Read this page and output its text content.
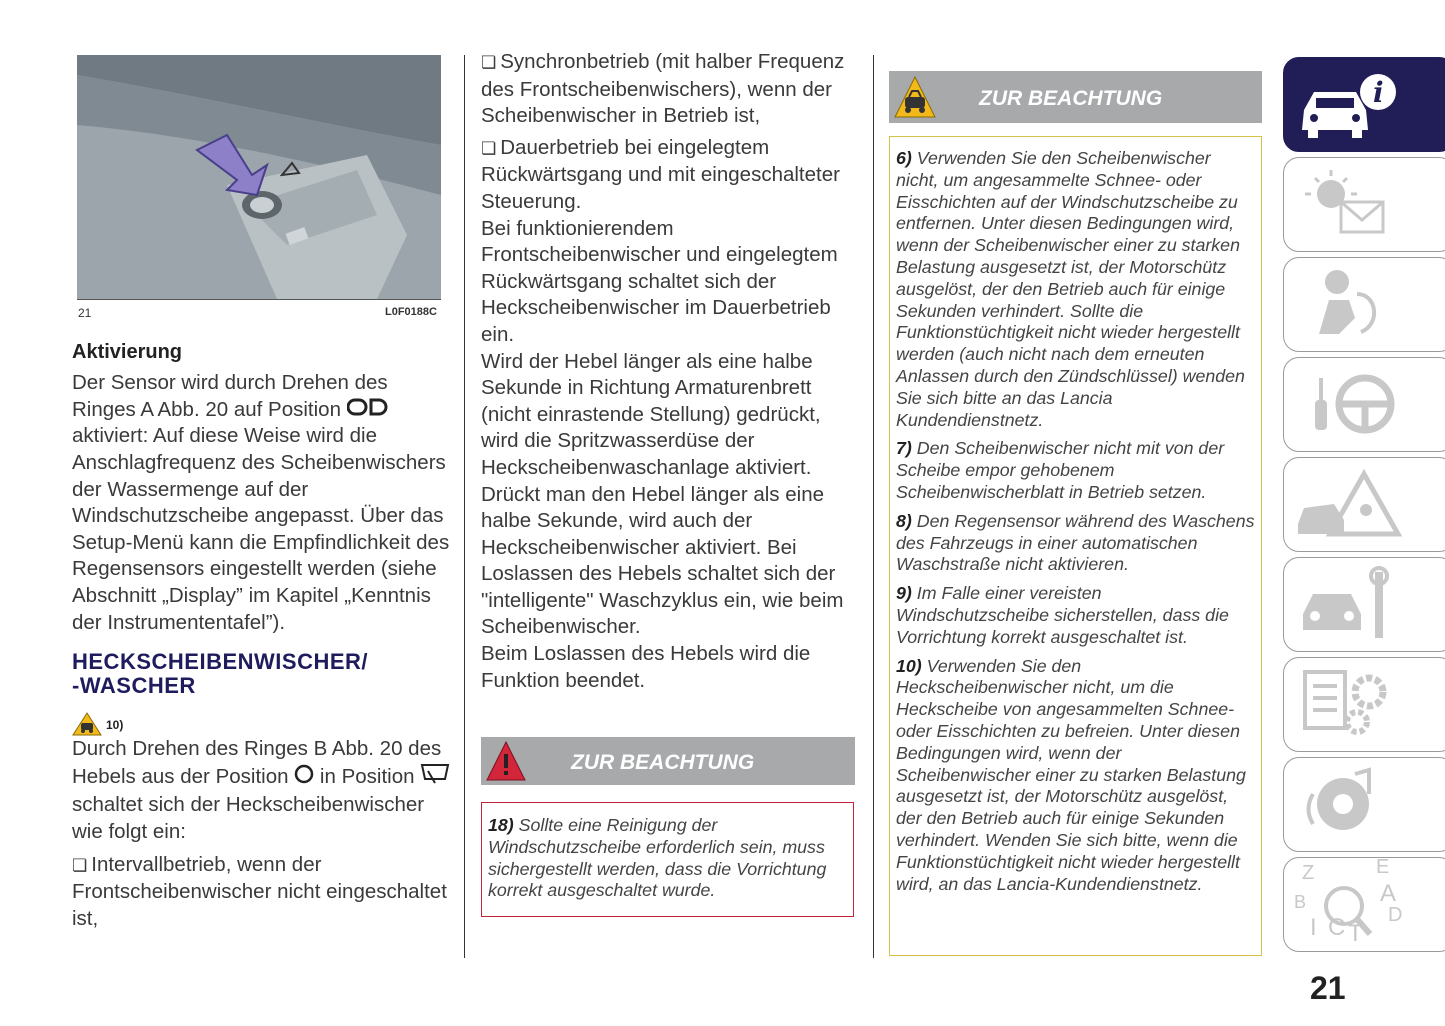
21	L0F0188C
Aktivierung
Der Sensor wird durch Drehen des Ringes A Abb. 20 auf Position  aktiviert: Auf diese Weise wird die Anschlagfrequenz des Scheibenwischers der Wassermenge auf der Windschutzscheibe angepasst. Über das Setup-Menü kann die Empfindlichkeit des Regensensors eingestellt werden (siehe Abschnitt „Display” im Kapitel „Kenntnis der Instrumententafel”).
HECKSCHEIBENWISCHER/
-WASCHER
10)
Durch Drehen des Ringes B Abb. 20 des Hebels aus der Position in Position  schaltet sich der Heckscheibenwischer wie folgt ein:
❏ Intervallbetrieb, wenn der Frontscheibenwischer nicht eingeschaltet ist,
❏ Synchronbetrieb (mit halber Frequenz des Frontscheibenwischers), wenn der Scheibenwischer in Betrieb ist,
❏ Dauerbetrieb bei eingelegtem Rückwärtsgang und mit eingeschalteter Steuerung.
Bei funktionierendem Frontscheibenwischer und eingelegtem Rückwärtsgang schaltet sich der Heckscheibenwischer im Dauerbetrieb ein.
Wird der Hebel länger als eine halbe Sekunde in Richtung Armaturenbrett (nicht einrastende Stellung) gedrückt, wird die Spritzwasserdüse der Heckscheibenwaschanlage aktiviert. Drückt man den Hebel länger als eine halbe Sekunde, wird auch der Heckscheibenwischer aktiviert. Bei Loslassen des Hebels schaltet sich der "intelligente" Waschzyklus ein, wie beim Scheibenwischer.
Beim Loslassen des Hebels wird die Funktion beendet.
ZUR BEACHTUNG
18) Sollte eine Reinigung der Windschutzscheibe erforderlich sein, muss sichergestellt werden, dass die Vorrichtung korrekt ausgeschaltet wurde.
ZUR BEACHTUNG

6) Verwenden Sie den Scheibenwischer nicht, um angesammelte Schnee- oder Eisschichten auf der Windschutzscheibe zu entfernen. Unter diesen Bedingungen wird, wenn der Scheibenwischer einer zu starken Belastung ausgesetzt ist, der Motorschütz ausgelöst, der den Betrieb auch für einige Sekunden verhindert. Sollte die Funktionstüchtigkeit nicht wieder hergestellt werden (auch nicht nach dem erneuten Anlassen durch den Zündschlüssel) wenden Sie sich bitte an das Lancia Kundendienstnetz.

7) Den Scheibenwischer nicht mit von der Scheibe empor gehobenem Scheibenwischerblatt in Betrieb setzen.

8) Den Regensensor während des Waschens des Fahrzeugs in einer automatischen Waschstraße nicht aktivieren.

9) Im Falle einer vereisten Windschutzscheibe sicherstellen, dass die Vorrichtung korrekt ausgeschaltet ist.

10) Verwenden Sie den Heckscheibenwischer nicht, um die Heckscheibe von angesammelten Schnee- oder Eisschichten zu befreien. Unter diesen Bedingungen wird, wenn der Scheibenwischer einer zu starken Belastung ausgesetzt ist, der Motorschütz ausgelöst, der den Betrieb auch für einige Sekunden verhindert. Wenden Sie sich bitte, wenn die Funktionstüchtigkeit nicht wieder hergestellt wird, an das Lancia-Kundendienstnetz.

i
Z	E
A
B
D
I C T
21
